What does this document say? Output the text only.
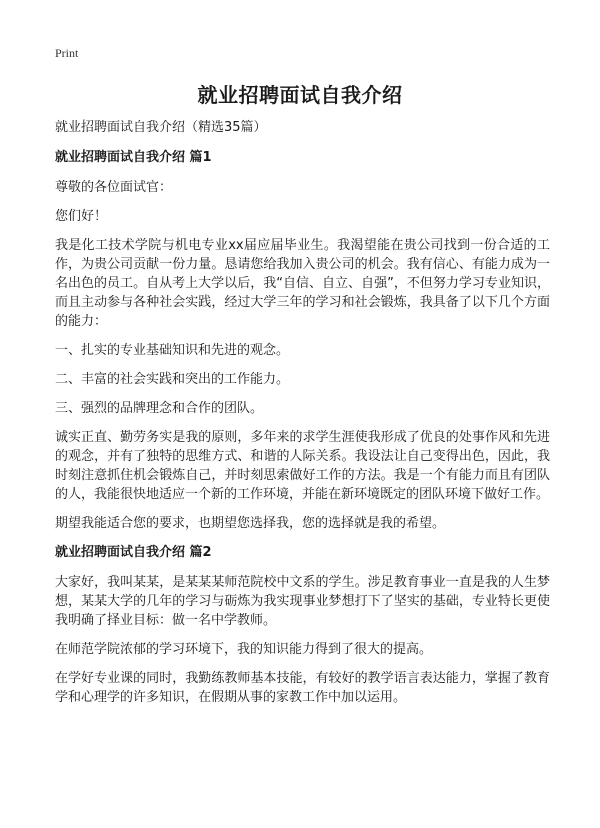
Print
就业招聘面试自我介绍

就业招聘面试自我介绍（精选35篇）

就业招聘面试自我介绍 篇1

尊敬的各位面试官：

您们好！

我是化工技术学院与机电专业xx届应届毕业生。我渴望能在贵公司找到一份合适的工作，为贵公司贡献一份力量。恳请您给我加入贵公司的机会。我有信心、有能力成为一名出色的员工。自从考上大学以后，我“自信、自立、自强”，不但努力学习专业知识，而且主动参与各种社会实践，经过大学三年的学习和社会锻炼，我具备了以下几个方面的能力：

一、扎实的专业基础知识和先进的观念。

二、丰富的社会实践和突出的工作能力。

三、强烈的品牌理念和合作的团队。

诚实正直、勤劳务实是我的原则，多年来的求学生涯使我形成了优良的处事作风和先进的观念，并有了独特的思维方式、和谐的人际关系。我设法让自己变得出色，因此，我时刻注意抓住机会锻炼自己，并时刻思索做好工作的方法。我是一个有能力而且有团队的人，我能很快地适应一个新的工作环境，并能在新环境既定的团队环境下做好工作。

期望我能适合您的要求，也期望您选择我，您的选择就是我的希望。

就业招聘面试自我介绍 篇2

大家好，我叫某某，是某某某师范院校中文系的学生。涉足教育事业一直是我的人生梦想，某某大学的几年的学习与砺炼为我实现事业梦想打下了坚实的基础，专业特长更使我明确了择业目标：做一名中学教师。

在师范学院浓郁的学习环境下，我的知识能力得到了很大的提高。

在学好专业课的同时，我勤练教师基本技能，有较好的教学语言表达能力，掌握了教育学和心理学的许多知识，在假期从事的家教工作中加以运用。
